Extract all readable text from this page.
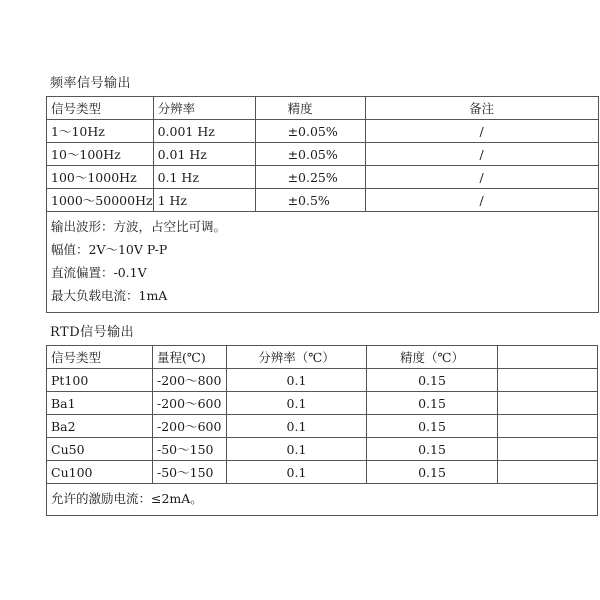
频率信号输出
信号类型	分辨率	精度	备注
1～10Hz	0.001 Hz	±0.05%	/
10～100Hz	0.01 Hz	±0.05%	/
100～1000Hz	0.1 Hz	±0.25%	/
1000～50000Hz	1 Hz	±0.5%	/

输出波形：方波，占空比可调。
幅值：2V～10V P-P
直流偏置：-0.1V
最大负载电流：1mA			
RTD信号输出
信号类型	量程(℃)	分辨率（℃）	精度（℃）	
Pt100	-200～800	0.1	0.15	
Ba1	-200～600	0.1	0.15	
Ba2	-200～600	0.1	0.15	
Cu50	-50～150	0.1	0.15	
Cu100	-50～150	0.1	0.15	

允许的激励电流：≤2mA。				
